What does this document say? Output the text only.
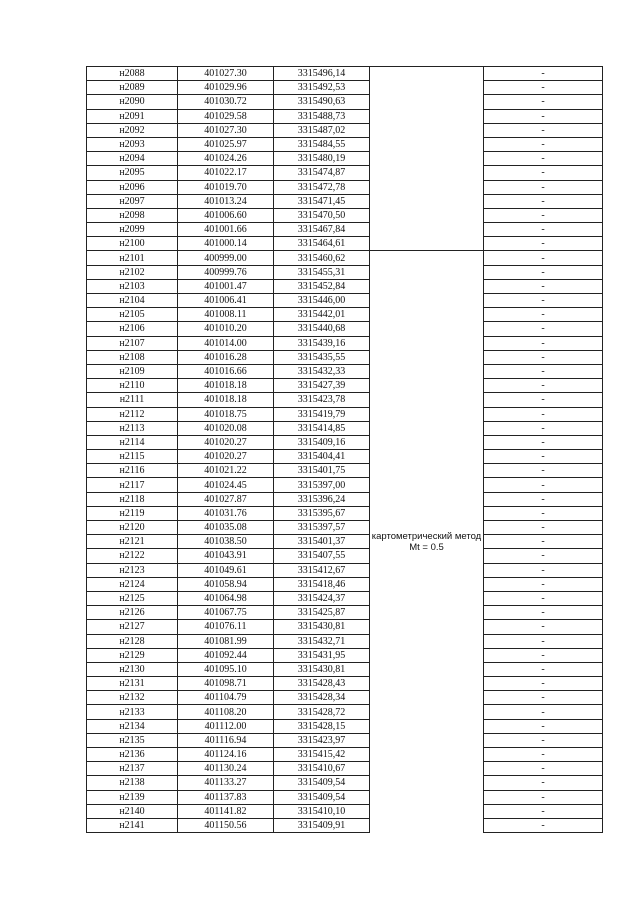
н2088	401027.30	3315496,14		-
н2089	401029.96	3315492,53		-
н2090	401030.72	3315490,63		-
н2091	401029.58	3315488,73		-
н2092	401027.30	3315487,02		-
н2093	401025.97	3315484,55		-
н2094	401024.26	3315480,19		-
н2095	401022.17	3315474,87		-
н2096	401019.70	3315472,78		-
н2097	401013.24	3315471,45		-
н2098	401006.60	3315470,50		-
н2099	401001.66	3315467,84		-
н2100	401000.14	3315464,61		-
н2101	400999.00	3315460,62	картометрический метод Mt = 0.5	-
н2102	400999.76	3315455,31		-
н2103	401001.47	3315452,84		-
н2104	401006.41	3315446,00		-
н2105	401008.11	3315442,01		-
н2106	401010.20	3315440,68		-
н2107	401014.00	3315439,16		-
н2108	401016.28	3315435,55		-
н2109	401016.66	3315432,33		-
н2110	401018.18	3315427,39		-
н2111	401018.18	3315423,78		-
н2112	401018.75	3315419,79		-
н2113	401020.08	3315414,85		-
н2114	401020.27	3315409,16		-
н2115	401020.27	3315404,41		-
н2116	401021.22	3315401,75		-
н2117	401024.45	3315397,00		-
н2118	401027.87	3315396,24		-
н2119	401031.76	3315395,67		-
н2120	401035.08	3315397,57		-
н2121	401038.50	3315401,37		-
н2122	401043.91	3315407,55		-
н2123	401049.61	3315412,67		-
н2124	401058.94	3315418,46		-
н2125	401064.98	3315424,37		-
н2126	401067.75	3315425,87		-
н2127	401076.11	3315430,81		-
н2128	401081.99	3315432,71		-
н2129	401092.44	3315431,95		-
н2130	401095.10	3315430,81		-
н2131	401098.71	3315428,43		-
н2132	401104.79	3315428,34		-
н2133	401108.20	3315428,72		-
н2134	401112.00	3315428,15		-
н2135	401116.94	3315423,97		-
н2136	401124.16	3315415,42		-
н2137	401130.24	3315410,67		-
н2138	401133.27	3315409,54		-
н2139	401137.83	3315409,54		-
н2140	401141.82	3315410,10		-
н2141	401150.56	3315409,91		-
